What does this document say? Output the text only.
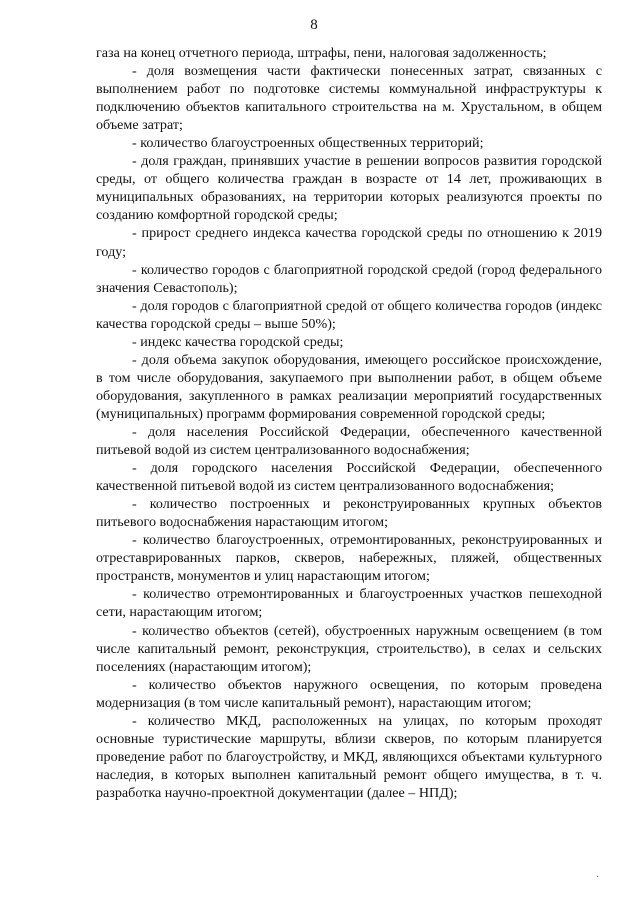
8

газа на конец отчетного периода, штрафы, пени, налоговая задолженность;

- доля возмещения части фактически понесенных затрат, связанных с выполнением работ по подготовке системы коммунальной инфраструктуры к подключению объектов капитального строительства на м. Хрустальном, в общем объеме затрат;

- количество благоустроенных общественных территорий;

- доля граждан, принявших участие в решении вопросов развития городской среды, от общего количества граждан в возрасте от 14 лет, проживающих в муниципальных образованиях, на территории которых реализуются проекты по созданию комфортной городской среды;

- прирост среднего индекса качества городской среды по отношению к 2019 году;

- количество городов с благоприятной городской средой (город федерального значения Севастополь);

- доля городов с благоприятной средой от общего количества городов (индекс качества городской среды – выше 50%);

- индекс качества городской среды;

- доля объема закупок оборудования, имеющего российское происхождение, в том числе оборудования, закупаемого при выполнении работ, в общем объеме оборудования, закупленного в рамках реализации мероприятий государственных (муниципальных) программ формирования современной городской среды;

- доля населения Российской Федерации, обеспеченного качественной питьевой водой из систем централизованного водоснабжения;

- доля городского населения Российской Федерации, обеспеченного качественной питьевой водой из систем централизованного водоснабжения;

- количество построенных и реконструированных крупных объектов питьевого водоснабжения нарастающим итогом;

- количество благоустроенных, отремонтированных, реконструированных и отреставрированных парков, скверов, набережных, пляжей, общественных пространств, монументов и улиц нарастающим итогом;

- количество отремонтированных и благоустроенных участков пешеходной сети, нарастающим итогом;

- количество объектов (сетей), обустроенных наружным освещением (в том числе капитальный ремонт, реконструкция, строительство), в селах и сельских поселениях (нарастающим итогом);

- количество объектов наружного освещения, по которым проведена модернизация (в том числе капитальный ремонт), нарастающим итогом;

- количество МКД, расположенных на улицах, по которым проходят основные туристические маршруты, вблизи скверов, по которым планируется проведение работ по благоустройству, и МКД, являющихся объектами культурного наследия, в которых выполнен капитальный ремонт общего имущества, в т. ч. разработка научно-проектной документации (далее – НПД);

·
